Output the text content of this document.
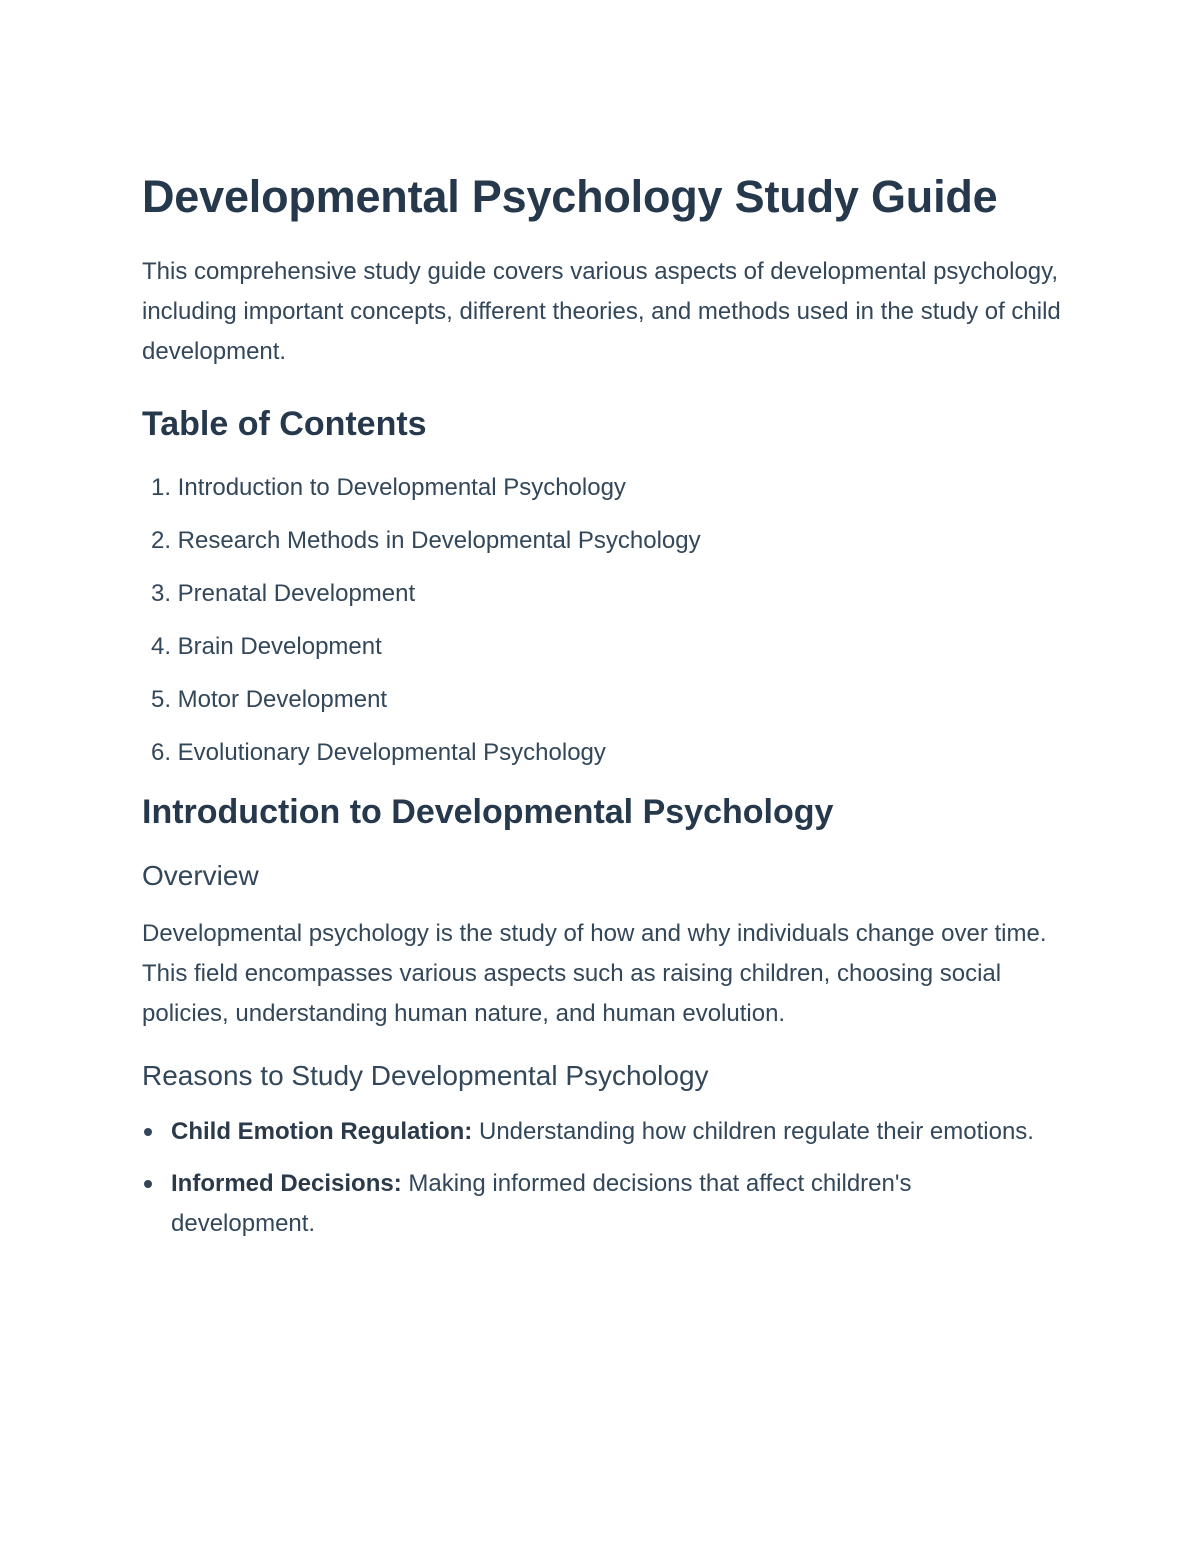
Developmental Psychology Study Guide

This comprehensive study guide covers various aspects of developmental psychology, including important concepts, different theories, and methods used in the study of child development.

Table of Contents
1. Introduction to Developmental Psychology
2. Research Methods in Developmental Psychology
3. Prenatal Development
4. Brain Development
5. Motor Development
6. Evolutionary Developmental Psychology
Introduction to Developmental Psychology
Overview

Developmental psychology is the study of how and why individuals change over time. This field encompasses various aspects such as raising children, choosing social policies, understanding human nature, and human evolution.

Reasons to Study Developmental Psychology
Child Emotion Regulation: Understanding how children regulate their emotions.
Informed Decisions: Making informed decisions that affect children's development.
